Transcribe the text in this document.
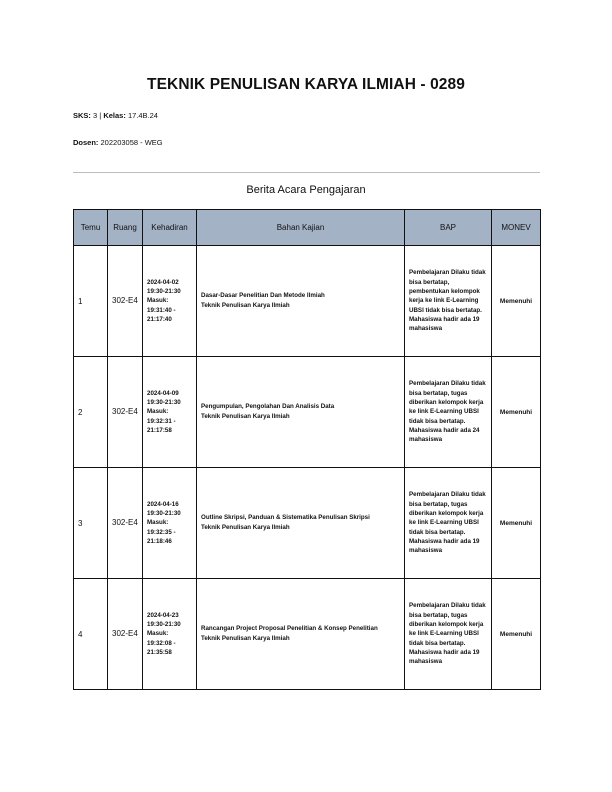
TEKNIK PENULISAN KARYA ILMIAH - 0289
SKS: 3 | Kelas: 17.4B.24
Dosen: 202203058 - WEG
Berita Acara Pengajaran
Temu	Ruang	Kehadiran	Bahan Kajian	BAP	MONEV
1	302-E4	2024-04-02
19:30-21:30
Masuk:
19:31:40 -
21:17:40	Dasar-Dasar Penelitian Dan Metode Ilmiah
Teknik Penulisan Karya Ilmiah	Pembelajaran Dilaku tidak bisa bertatap, pembentukan kelompok kerja ke link E-Learning UBSI tidak bisa bertatap. Mahasiswa hadir ada 19 mahasiswa	Memenuhi
2	302-E4	2024-04-09
19:30-21:30
Masuk:
19:32:31 -
21:17:58	Pengumpulan, Pengolahan Dan Analisis Data
Teknik Penulisan Karya Ilmiah	Pembelajaran Dilaku tidak bisa bertatap, tugas diberikan kelompok kerja ke link E-Learning UBSI tidak bisa bertatap. Mahasiswa hadir ada 24 mahasiswa	Memenuhi
3	302-E4	2024-04-16
19:30-21:30
Masuk:
19:32:35 -
21:18:46	Outline Skripsi, Panduan & Sistematika Penulisan Skripsi
Teknik Penulisan Karya Ilmiah	Pembelajaran Dilaku tidak bisa bertatap, tugas diberikan kelompok kerja ke link E-Learning UBSI tidak bisa bertatap. Mahasiswa hadir ada 19 mahasiswa	Memenuhi
4	302-E4	2024-04-23
19:30-21:30
Masuk:
19:32:08 -
21:35:58	Rancangan Project Proposal Penelitian & Konsep Penelitian
Teknik Penulisan Karya Ilmiah	Pembelajaran Dilaku tidak bisa bertatap, tugas diberikan kelompok kerja ke link E-Learning UBSI tidak bisa bertatap. Mahasiswa hadir ada 19 mahasiswa	Memenuhi
